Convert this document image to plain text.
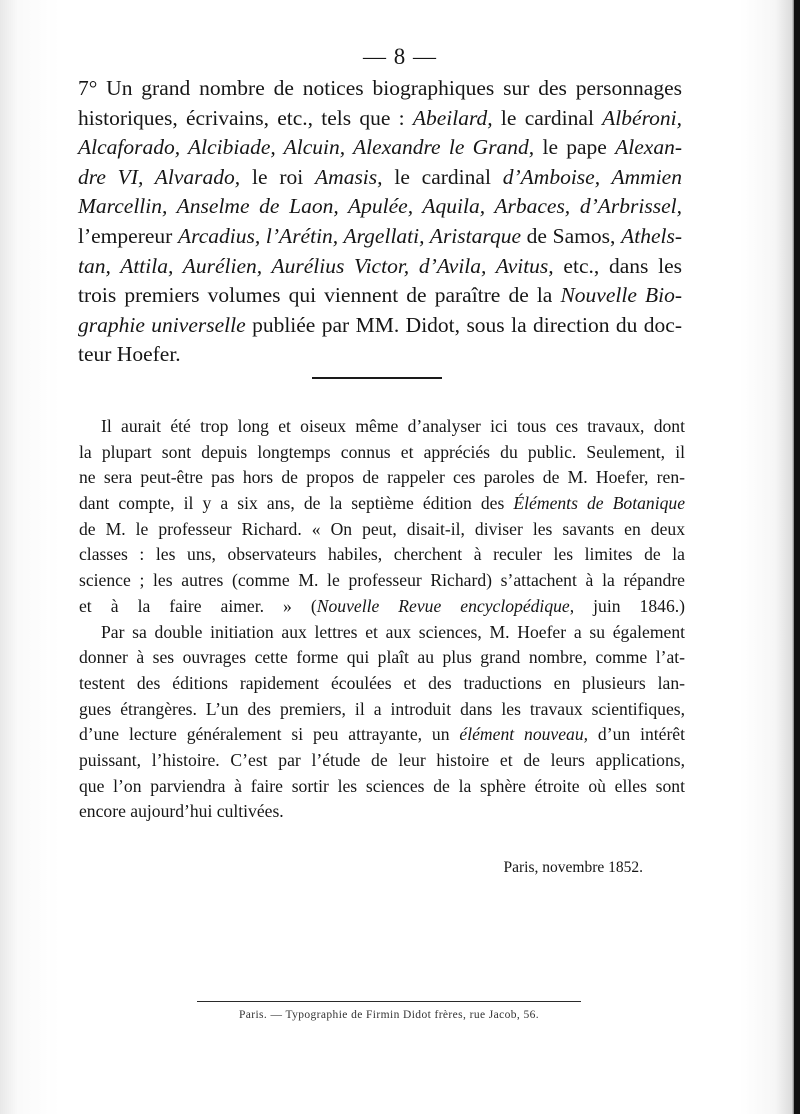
— 8 —
7° Un grand nombre de notices biographiques sur des personnages
historiques, écrivains, etc., tels que : Abeilard, le cardinal Albéroni,
Alcaforado, Alcibiade, Alcuin, Alexandre le Grand, le pape Alexan-
dre VI, Alvarado, le roi Amasis, le cardinal d’Amboise, Ammien
Marcellin, Anselme de Laon, Apulée, Aquila, Arbaces, d’Arbrissel,
l’empereur Arcadius, l’Arétin, Argellati, Aristarque de Samos, Athels-
tan, Attila, Aurélien, Aurélius Victor, d’Avila, Avitus, etc., dans les
trois premiers volumes qui viennent de paraître de la Nouvelle Bio-
graphie universelle publiée par MM. Didot, sous la direction du doc-
teur Hoefer.
Il aurait été trop long et oiseux même d’analyser ici tous ces travaux, dont
la plupart sont depuis longtemps connus et appréciés du public. Seulement, il
ne sera peut-être pas hors de propos de rappeler ces paroles de M. Hoefer, ren-
dant compte, il y a six ans, de la septième édition des Éléments de Botanique
de M. le professeur Richard. « On peut, disait-il, diviser les savants en deux
classes : les uns, observateurs habiles, cherchent à reculer les limites de la
science ; les autres (comme M. le professeur Richard) s’attachent à la répandre
et à la faire aimer. » (Nouvelle Revue encyclopédique, juin 1846.)
Par sa double initiation aux lettres et aux sciences, M. Hoefer a su également
donner à ses ouvrages cette forme qui plaît au plus grand nombre, comme l’at-
testent des éditions rapidement écoulées et des traductions en plusieurs lan-
gues étrangères. L’un des premiers, il a introduit dans les travaux scientifiques,
d’une lecture généralement si peu attrayante, un élément nouveau, d’un intérêt
puissant, l’histoire. C’est par l’étude de leur histoire et de leurs applications,
que l’on parviendra à faire sortir les sciences de la sphère étroite où elles sont
encore aujourd’hui cultivées.
Paris, novembre 1852.
Paris. — Typographie de Firmin Didot frères, rue Jacob, 56.
